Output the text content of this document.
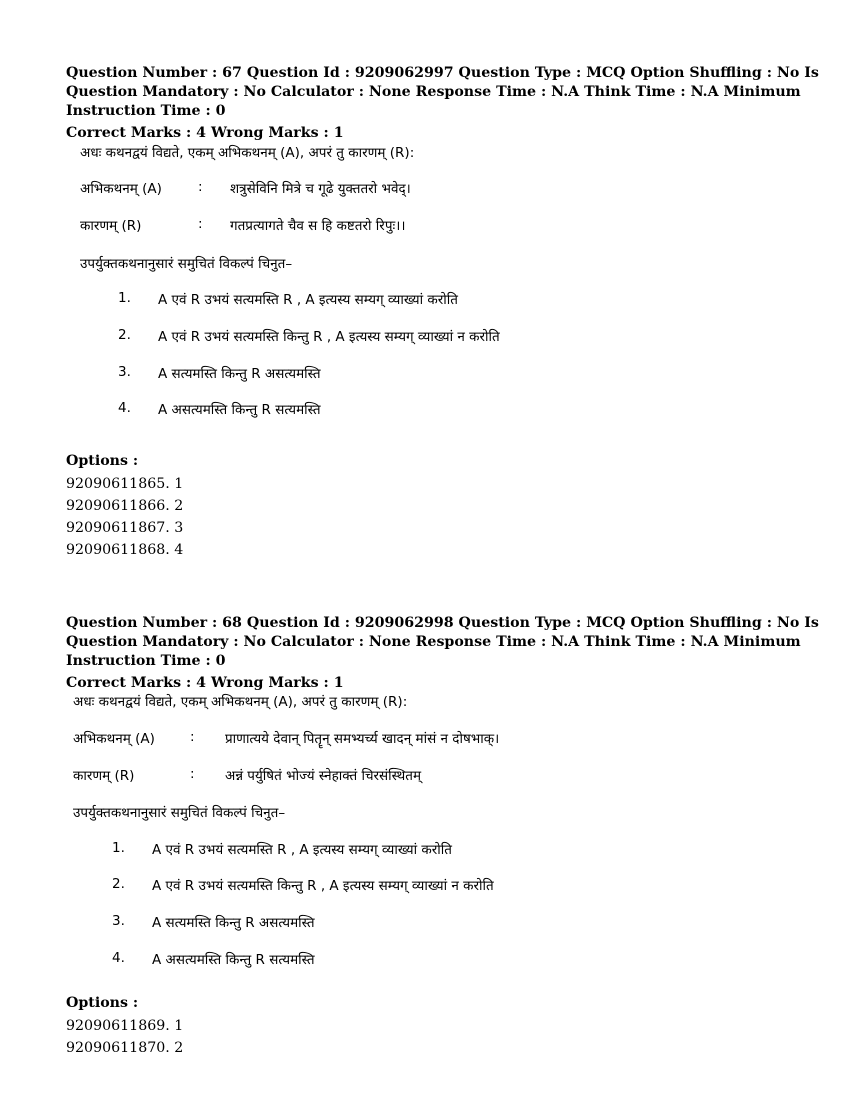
Question Number : 67 Question Id : 9209062997 Question Type : MCQ Option Shuffling : No Is
Question Mandatory : No Calculator : None Response Time : N.A Think Time : N.A Minimum
Instruction Time : 0

Correct Marks : 4 Wrong Marks : 1

अधः कथनद्वयं विद्यते, एकम् अभिकथनम् (A), अपरं तु कारणम् (R):
अभिकथनम् (A)	: शत्रुसेविनि मित्रे च गूढे युक्ततरो भवेद्।
कारणम् (R)	: गतप्रत्यागते चैव स हि कष्टतरो रिपुः।।
उपर्युक्तकथनानुसारं समुचितं विकल्पं चिनुत–
1.	A एवं R उभयं सत्यमस्ति R , A इत्यस्य सम्यग् व्याख्यां करोति
2.	A एवं R उभयं सत्यमस्ति किन्तु R , A इत्यस्य सम्यग् व्याख्यां न करोति
3.	A सत्यमस्ति किन्तु R असत्यमस्ति
4.	A असत्यमस्ति किन्तु R सत्यमस्ति
Options :
92090611865. 1
92090611866. 2
92090611867. 3
92090611868. 4

Question Number : 68 Question Id : 9209062998 Question Type : MCQ Option Shuffling : No Is
Question Mandatory : No Calculator : None Response Time : N.A Think Time : N.A Minimum
Instruction Time : 0

Correct Marks : 4 Wrong Marks : 1

अधः कथनद्वयं विद्यते, एकम् अभिकथनम् (A), अपरं तु कारणम् (R):
अभिकथनम् (A)	: प्राणात्यये देवान् पितॄन् समभ्यर्च्य खादन् मांसं न दोषभाक्।
कारणम् (R)	: अन्नं पर्युषितं भोज्यं स्नेहाक्तं चिरसंस्थितम्
उपर्युक्तकथनानुसारं समुचितं विकल्पं चिनुत–
1.	A एवं R उभयं सत्यमस्ति R , A इत्यस्य सम्यग् व्याख्यां करोति
2.	A एवं R उभयं सत्यमस्ति किन्तु R , A इत्यस्य सम्यग् व्याख्यां न करोति
3.	A सत्यमस्ति किन्तु R असत्यमस्ति
4.	A असत्यमस्ति किन्तु R सत्यमस्ति
Options :
92090611869. 1
92090611870. 2
